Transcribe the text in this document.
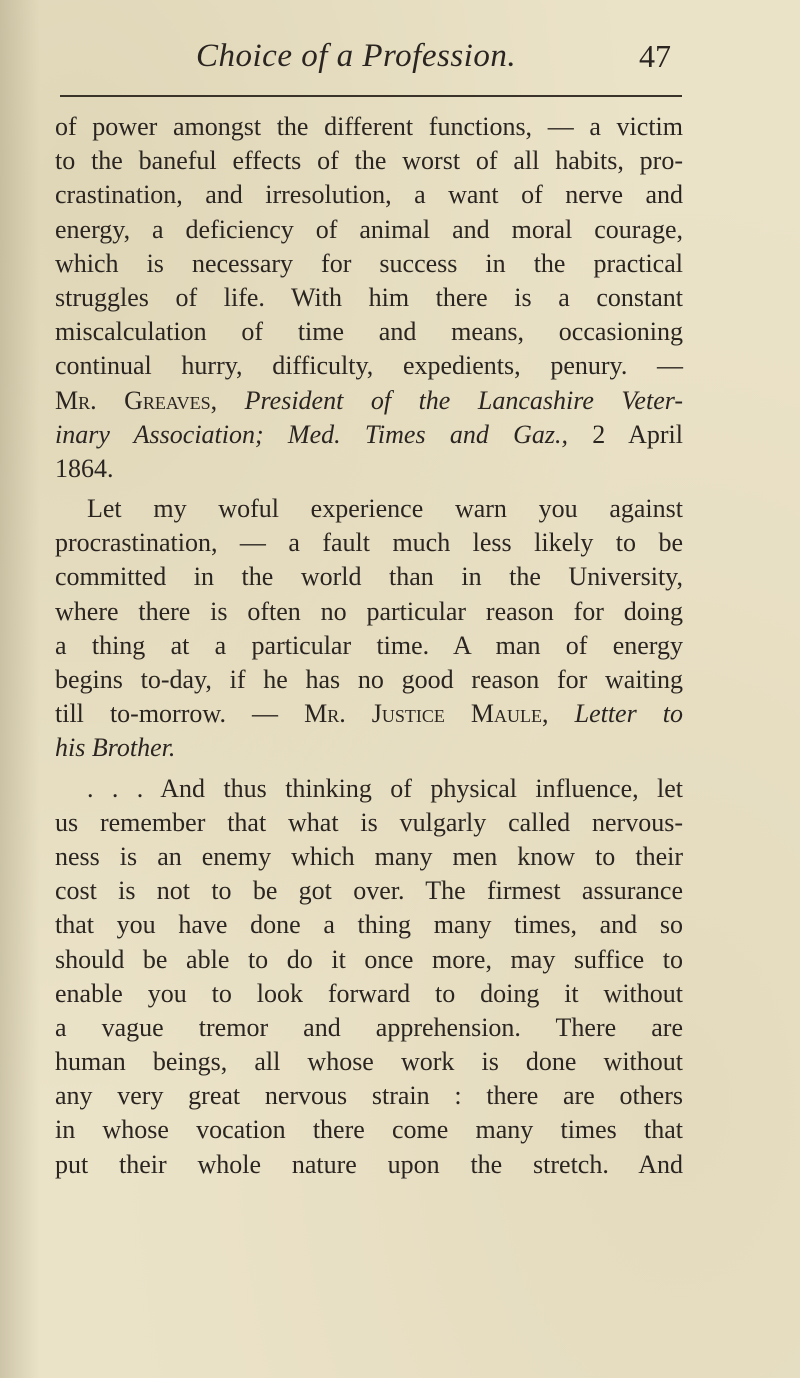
Choice of a Profession.	47

of power amongst the different functions, — a victim
to the baneful effects of the worst of all habits, pro-
crastination, and irresolution, a want of nerve and
energy, a deficiency of animal and moral courage,
which is necessary for success in the practical
struggles of life. With him there is a constant
miscalculation of time and means, occasioning
continual hurry, difficulty, expedients, penury. —
Mr. Greaves, President of the Lancashire Veter-
inary Association; Med. Times and Gaz., 2 April
1864.

Let my woful experience warn you against
procrastination, — a fault much less likely to be
committed in the world than in the University,
where there is often no particular reason for doing
a thing at a particular time. A man of energy
begins to-day, if he has no good reason for waiting
till to-morrow. — Mr. Justice Maule, Letter to
his Brother.

. . . And thus thinking of physical influence, let
us remember that what is vulgarly called nervous-
ness is an enemy which many men know to their
cost is not to be got over. The firmest assurance
that you have done a thing many times, and so
should be able to do it once more, may suffice to
enable you to look forward to doing it without
a vague tremor and apprehension. There are
human beings, all whose work is done without
any very great nervous strain : there are others
in whose vocation there come many times that
put their whole nature upon the stretch. And
